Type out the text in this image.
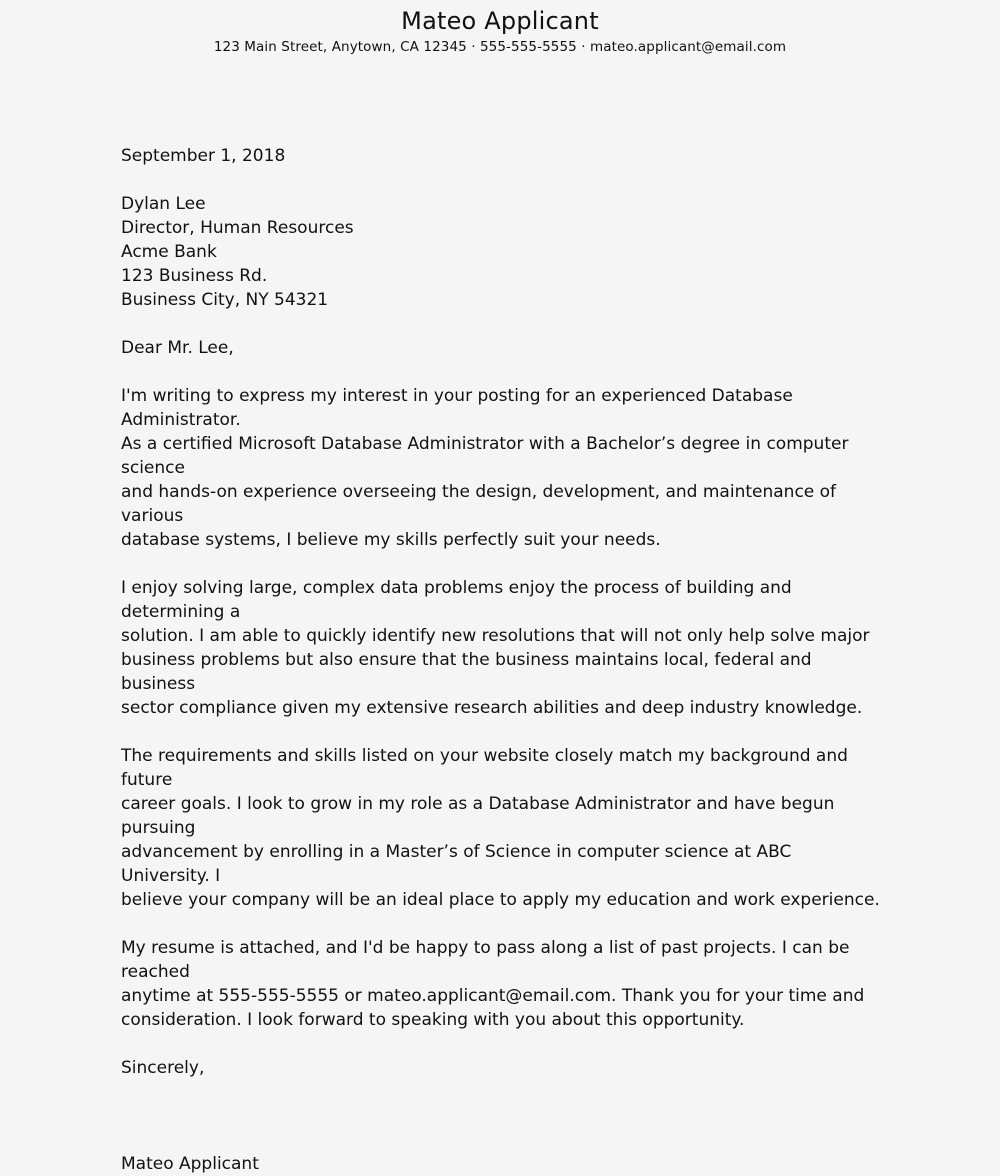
Mateo Applicant
123 Main Street, Anytown, CA 12345 · 555-555-5555 · mateo.applicant@email.com

September 1, 2018

Dylan Lee

Director, Human Resources

Acme Bank

123 Business Rd.

Business City, NY 54321

Dear Mr. Lee,

I'm writing to express my interest in your posting for an experienced Database Administrator.

As a certified Microsoft Database Administrator with a Bachelor’s degree in computer science

and hands-on experience overseeing the design, development, and maintenance of various

database systems, I believe my skills perfectly suit your needs.

I enjoy solving large, complex data problems enjoy the process of building and determining a

solution. I am able to quickly identify new resolutions that will not only help solve major

business problems but also ensure that the business maintains local, federal and business

sector compliance given my extensive research abilities and deep industry knowledge.

The requirements and skills listed on your website closely match my background and future

career goals. I look to grow in my role as a Database Administrator and have begun pursuing

advancement by enrolling in a Master’s of Science in computer science at ABC University. I

believe your company will be an ideal place to apply my education and work experience.

My resume is attached, and I'd be happy to pass along a list of past projects. I can be reached

anytime at 555-555-5555 or mateo.applicant@email.com. Thank you for your time and

consideration. I look forward to speaking with you about this opportunity.

Sincerely,

Mateo Applicant
